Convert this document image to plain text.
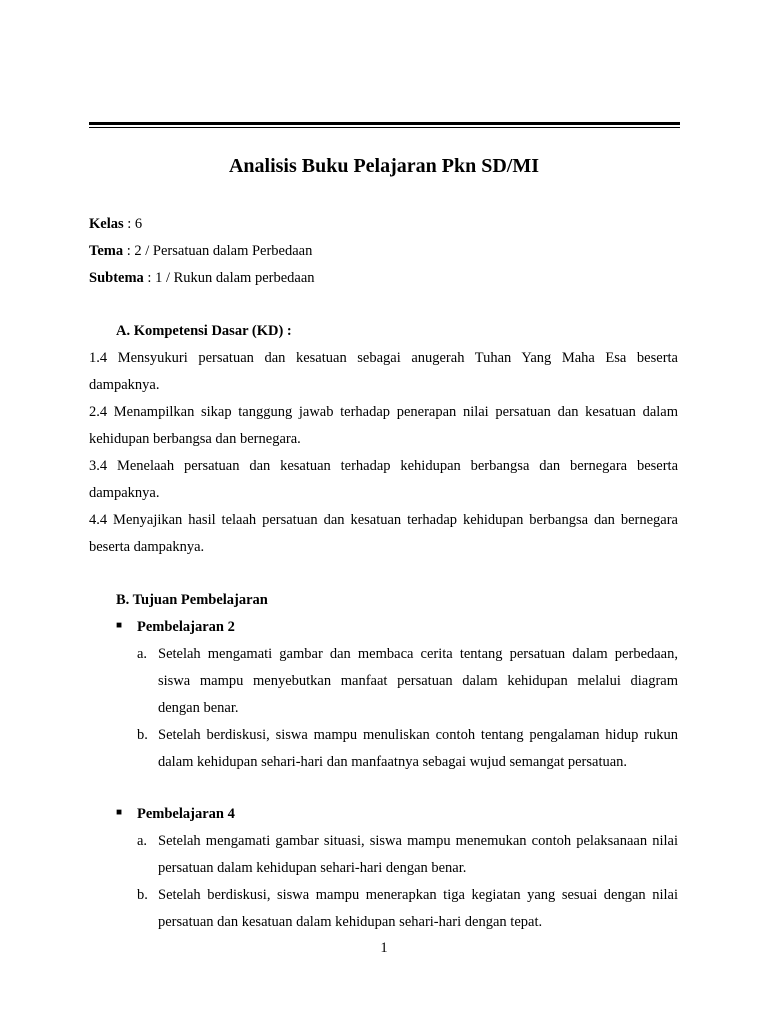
Analisis Buku Pelajaran Pkn SD/MI
Kelas : 6
Tema : 2 / Persatuan dalam Perbedaan
Subtema : 1 / Rukun dalam perbedaan
A. Kompetensi Dasar (KD) :
1.4 Mensyukuri persatuan dan kesatuan sebagai anugerah Tuhan Yang Maha Esa beserta
dampaknya.
2.4 Menampilkan sikap tanggung jawab terhadap penerapan nilai persatuan dan kesatuan dalam
kehidupan berbangsa dan bernegara.
3.4 Menelaah persatuan dan kesatuan terhadap kehidupan berbangsa dan bernegara beserta
dampaknya.
4.4 Menyajikan hasil telaah persatuan dan kesatuan terhadap kehidupan berbangsa dan bernegara
beserta dampaknya.
B. Tujuan Pembelajaran
■ Pembelajaran 2
a. Setelah mengamati gambar dan membaca cerita tentang persatuan dalam perbedaan,
siswa mampu menyebutkan manfaat persatuan dalam kehidupan melalui diagram
dengan benar.
b. Setelah berdiskusi, siswa mampu menuliskan contoh tentang pengalaman hidup rukun
dalam kehidupan sehari-hari dan manfaatnya sebagai wujud semangat persatuan.
■ Pembelajaran 4
a. Setelah mengamati gambar situasi, siswa mampu menemukan contoh pelaksanaan nilai
persatuan dalam kehidupan sehari-hari dengan benar.
b. Setelah berdiskusi, siswa mampu menerapkan tiga kegiatan yang sesuai dengan nilai
persatuan dan kesatuan dalam kehidupan sehari-hari dengan tepat.
1
